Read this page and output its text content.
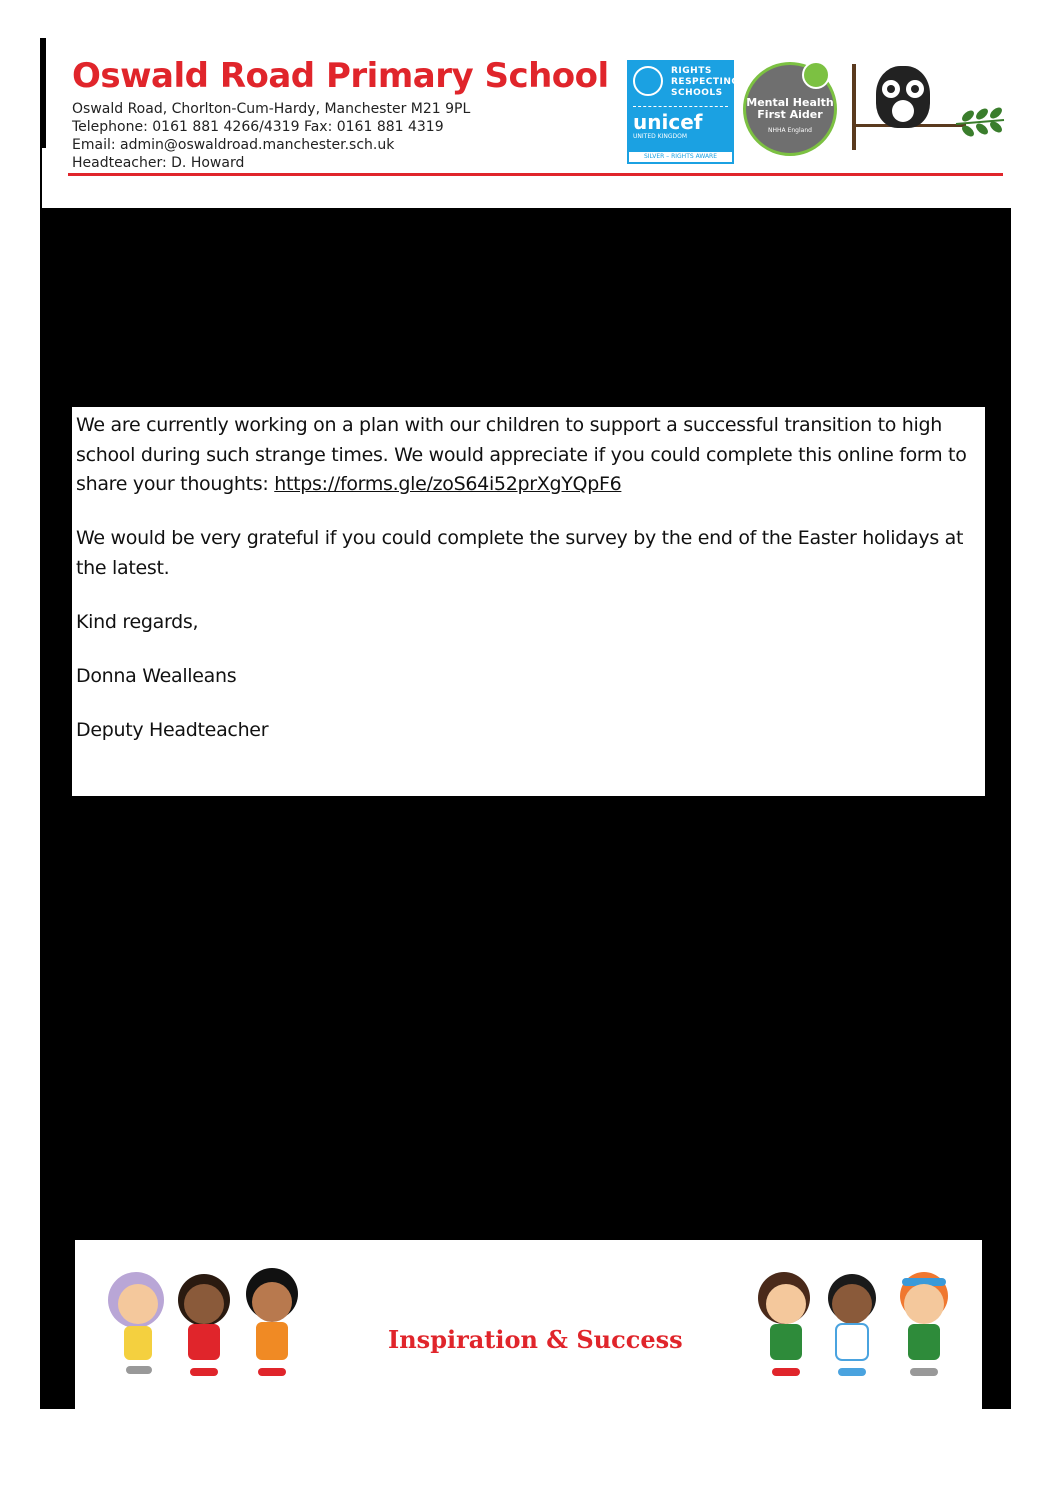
Oswald Road Primary School
Oswald Road, Chorlton-Cum-Hardy, Manchester M21 9PL
Telephone: 0161 881 4266/4319 Fax: 0161 881 4319
Email: admin@oswaldroad.manchester.sch.uk
Headteacher: D. Howard
RIGHTS
RESPECTING
SCHOOLS
unicef
UNITED KINGDOM
SILVER – RIGHTS AWARE
Mental Health
First Aider
NHHA England

We are currently working on a plan with our children to support a successful transition to high school during such strange times. We would appreciate if you could complete this online form to share your thoughts: https://forms.gle/zoS64i52prXgYQpF6

We would be very grateful if you could complete the survey by the end of the Easter holidays at the latest.

Kind regards,

Donna Wealleans

Deputy Headteacher

Inspiration & Success
